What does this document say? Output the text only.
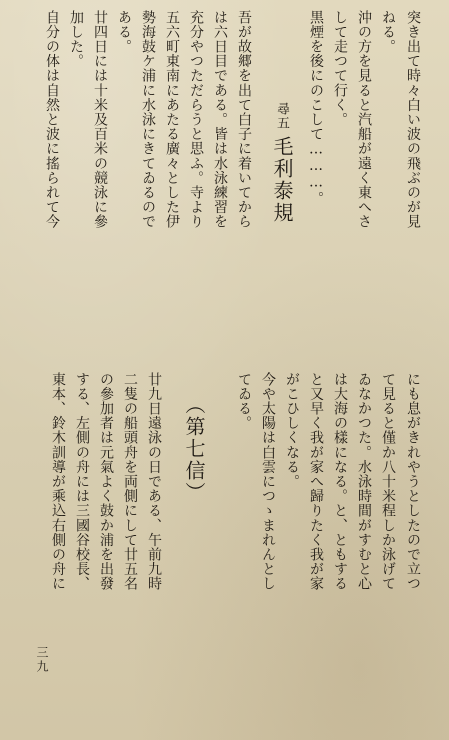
突き出て時々白い波の飛ぶのが見
ねる。
沖の方を見ると汽船が遠く東へさ
して走つて行く。
黒煙を後にのこして………。
尋五
毛利泰規
吾が故郷を出て白子に着いてから
は六日目である。皆は水泳練習を
充分やつただらうと思ふ。寺より
五六町東南にあたる廣々とした伊
勢海鼓ケ浦に水泳にきてゐるので
ある。
廿四日には十米及百米の競泳に參
加した。
自分の体は自然と波に搖られて今
にも息がきれやうとしたので立つ
て見ると僅か八十米程しか泳げて
ゐなかつた。水泳時間がすむと心
は大海の樣になる。と、ともする
と又早く我が家へ歸りたく我が家
がこひしくなる。
今や太陽は白雲につゝまれんとし
てゐる。
（第七信）
廿九日遠泳の日である、午前九時
二隻の船頭舟を両側にして廿五名
の參加者は元氣よく鼓か浦を出發
する、左側の舟には三國谷校長、
東本、鈴木訓導が乘込右側の舟に
三九
